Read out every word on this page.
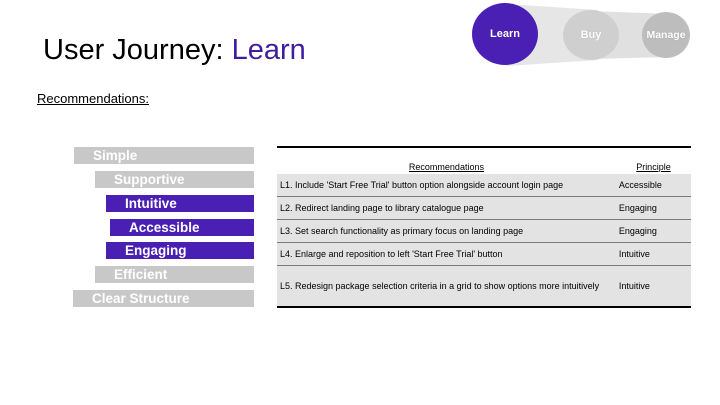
User Journey: Learn
Recommendations:
Learn	Buy	Manage
Simple
Supportive
Intuitive
Accessible
Engaging
Efficient
Clear Structure
Recommendations	Principle
L1. Include 'Start Free Trial' button option alongside account login page	Accessible
L2. Redirect landing page to library catalogue page	Engaging
L3. Set search functionality as primary focus on landing page	Engaging
L4. Enlarge and reposition to left 'Start Free Trial' button	Intuitive
L5. Redesign package selection criteria in a grid to show options more intuitively	Intuitive
